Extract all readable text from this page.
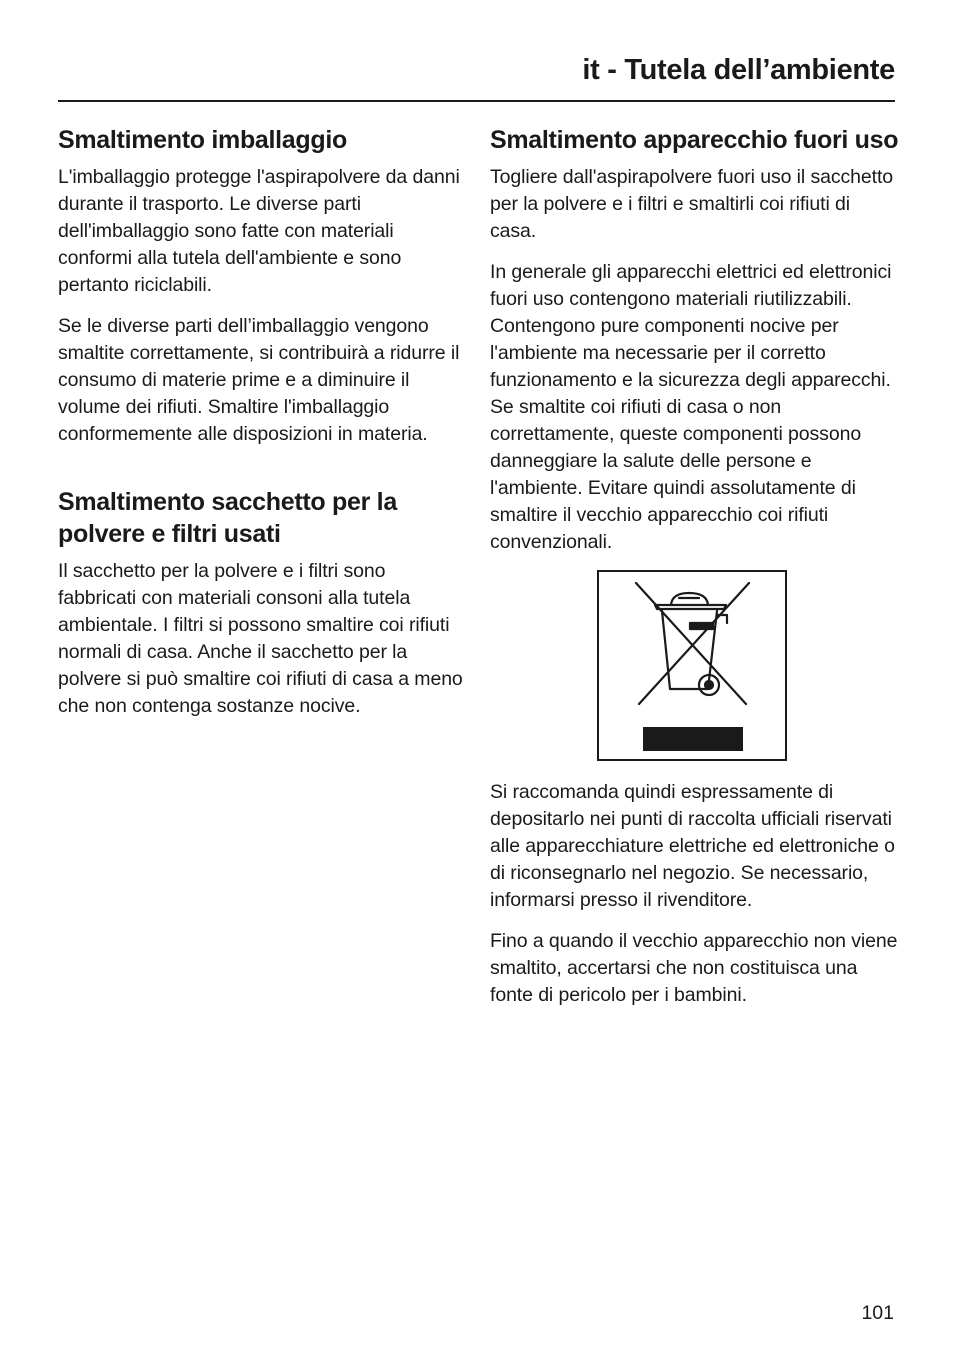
it - Tutela dell’ambiente
Smaltimento imballaggio

L'imballaggio protegge l'aspirapolvere da danni durante il trasporto. Le diverse parti dell'imballaggio sono fatte con materiali conformi alla tutela dell'ambiente e sono pertanto riciclabili.

Se le diverse parti dell’imballaggio vengono smaltite correttamente, si contribuirà a ridurre il consumo di materie prime e a diminuire il volume dei rifiuti. Smaltire l'imballaggio conformemente alle disposizioni in materia.

Smaltimento sacchetto per la polvere e filtri usati

Il sacchetto per la polvere e i filtri sono fabbricati con materiali consoni alla tutela ambientale. I filtri si possono smaltire coi rifiuti normali di casa. Anche il sacchetto per la polvere si può smaltire coi rifiuti di casa a meno che non contenga sostanze nocive.

Smaltimento apparecchio fuori uso

Togliere dall'aspirapolvere fuori uso il sacchetto per la polvere e i filtri e smaltirli coi rifiuti di casa.

In generale gli apparecchi elettrici ed elettronici fuori uso contengono materiali riutilizzabili. Contengono pure componenti nocive per l'ambiente ma necessarie per il corretto funzionamento e la sicurezza degli apparecchi. Se smaltite coi rifiuti di casa o non correttamente, queste componenti possono danneggiare la salute delle persone e l'ambiente. Evitare quindi assolutamente di smaltire il vecchio apparecchio coi rifiuti convenzionali.

Si raccomanda quindi espressamente di depositarlo nei punti di raccolta ufficiali riservati alle apparecchiature elettriche ed elettroniche o di riconsegnarlo nel negozio. Se necessario, informarsi presso il rivenditore.

Fino a quando il vecchio apparecchio non viene smaltito, accertarsi che non costituisca una fonte di pericolo per i bambini.

101
